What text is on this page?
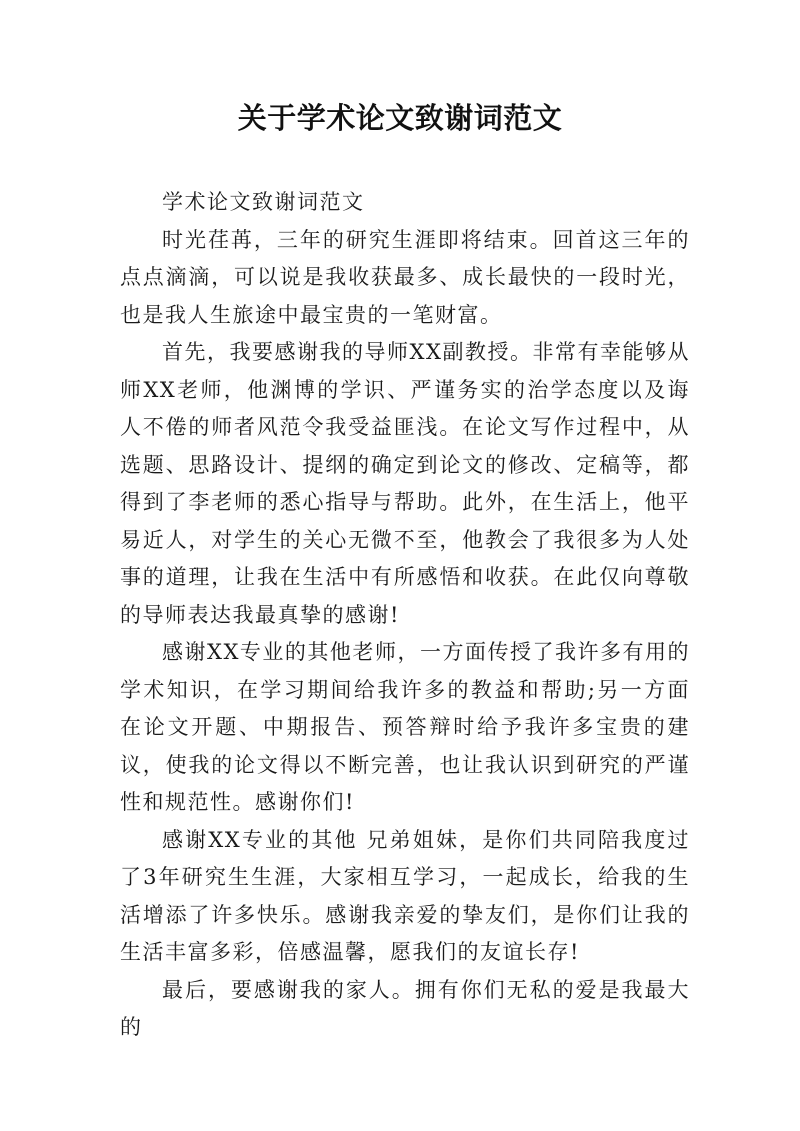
关于学术论文致谢词范文

学术论文致谢词范文

时光荏苒，三年的研究生涯即将结束。回首这三年的点点滴滴，可以说是我收获最多、成长最快的一段时光，也是我人生旅途中最宝贵的一笔财富。

首先，我要感谢我的导师XX副教授。非常有幸能够从师XX老师，他渊博的学识、严谨务实的治学态度以及诲人不倦的师者风范令我受益匪浅。在论文写作过程中，从选题、思路设计、提纲的确定到论文的修改、定稿等，都得到了李老师的悉心指导与帮助。此外，在生活上，他平易近人，对学生的关心无微不至，他教会了我很多为人处事的道理，让我在生活中有所感悟和收获。在此仅向尊敬的导师表达我最真挚的感谢!

感谢XX专业的其他老师，一方面传授了我许多有用的学术知识，在学习期间给我许多的教益和帮助;另一方面在论文开题、中期报告、预答辩时给予我许多宝贵的建议，使我的论文得以不断完善，也让我认识到研究的严谨性和规范性。感谢你们!

感谢XX专业的其他 兄弟姐妹，是你们共同陪我度过了3年研究生生涯，大家相互学习，一起成长，给我的生活增添了许多快乐。感谢我亲爱的挚友们，是你们让我的生活丰富多彩，倍感温馨，愿我们的友谊长存!

最后，要感谢我的家人。拥有你们无私的爱是我最大的
